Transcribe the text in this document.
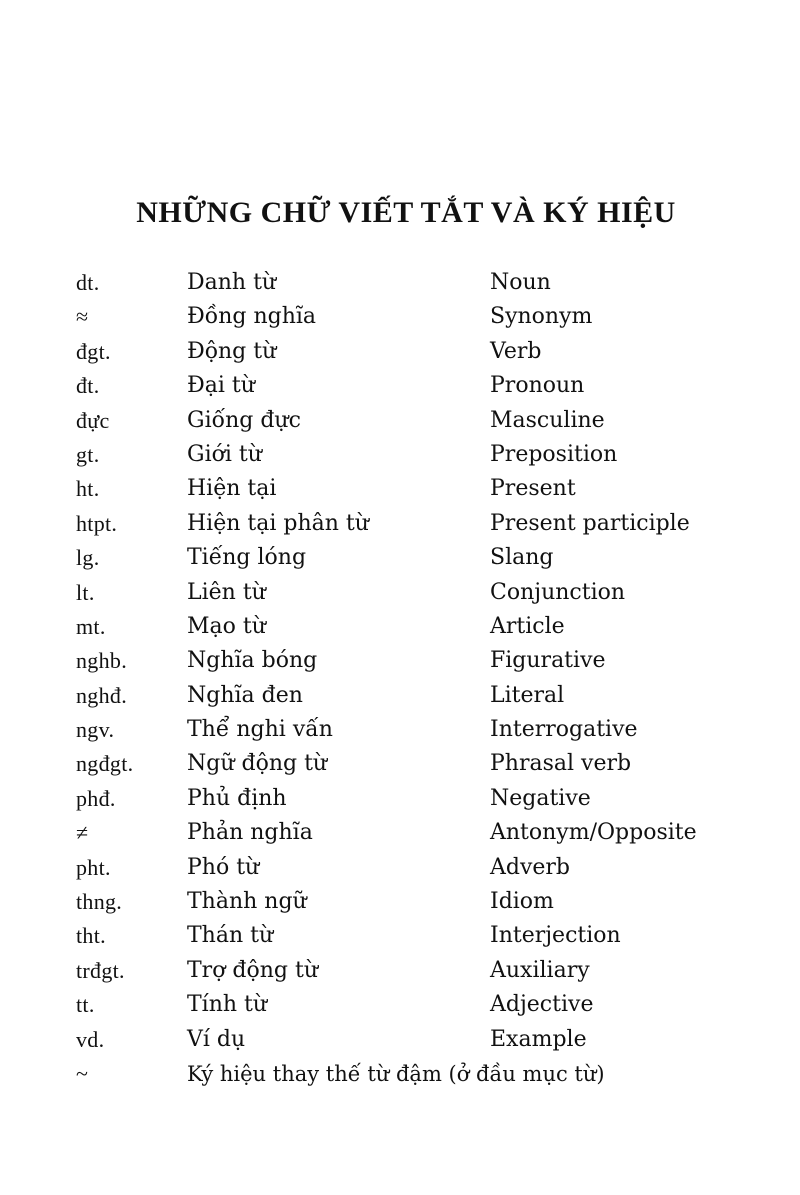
NHỮNG CHỮ VIẾT TẮT VÀ KÝ HIỆU
dt.	Danh từ	Noun
≈	Đồng nghĩa	Synonym
đgt.	Động từ	Verb
đt.	Đại từ	Pronoun
đực	Giống đực	Masculine
gt.	Giới từ	Preposition
ht.	Hiện tại	Present
htpt.	Hiện tại phân từ	Present participle
lg.	Tiếng lóng	Slang
lt.	Liên từ	Conjunction
mt.	Mạo từ	Article
nghb.	Nghĩa bóng	Figurative
nghđ.	Nghĩa đen	Literal
ngv.	Thể nghi vấn	Interrogative
ngđgt. Ngữ động từ	Phrasal verb
phđ.	Phủ định	Negative
≠	Phản nghĩa	Antonym/Opposite
pht.	Phó từ	Adverb
thng.	Thành ngữ	Idiom
tht.	Thán từ	Interjection
trđgt.	Trợ động từ	Auxiliary
tt.	Tính từ	Adjective
vd.	Ví dụ	Example
~	Ký hiệu thay thế từ đậm (ở đầu mục từ)
